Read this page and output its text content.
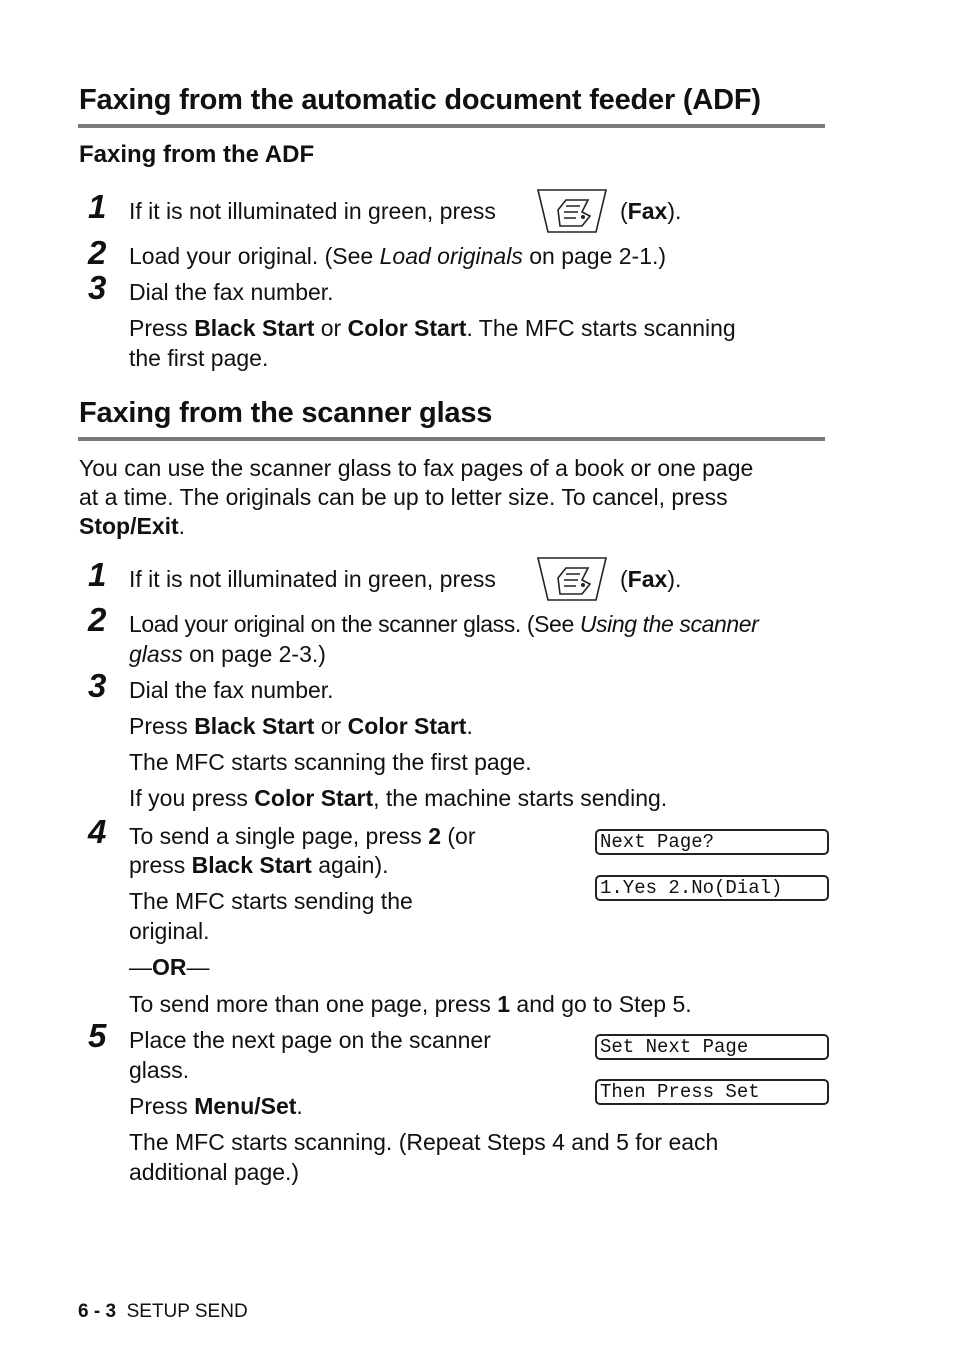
Faxing from the automatic document feeder (ADF)
Faxing from the ADF
1 If it is not illuminated in green, press	(Fax).
2 Load your original. (See Load originals on page 2-1.)
3 Dial the fax number.
Press Black Start or Color Start. The MFC starts scanning
the first page.
Faxing from the scanner glass
You can use the scanner glass to fax pages of a book or one page
at a time. The originals can be up to letter size. To cancel, press
Stop/Exit.
1 If it is not illuminated in green, press	(Fax).
2 Load your original on the scanner glass. (See Using the scanner
glass on page 2-3.)
3 Dial the fax number.
Press Black Start or Color Start.
The MFC starts scanning the first page.
If you press Color Start, the machine starts sending.
4 To send a single page, press 2 (or
press Black Start again).
The MFC starts sending the
original.
—OR—
To send more than one page, press 1 and go to Step 5.
Next Page?
1.Yes 2.No(Dial)
5 Place the next page on the scanner
glass.
Press Menu/Set.
The MFC starts scanning. (Repeat Steps 4 and 5 for each
additional page.)
Set Next Page
Then Press Set
6 - 3 SETUP SEND
